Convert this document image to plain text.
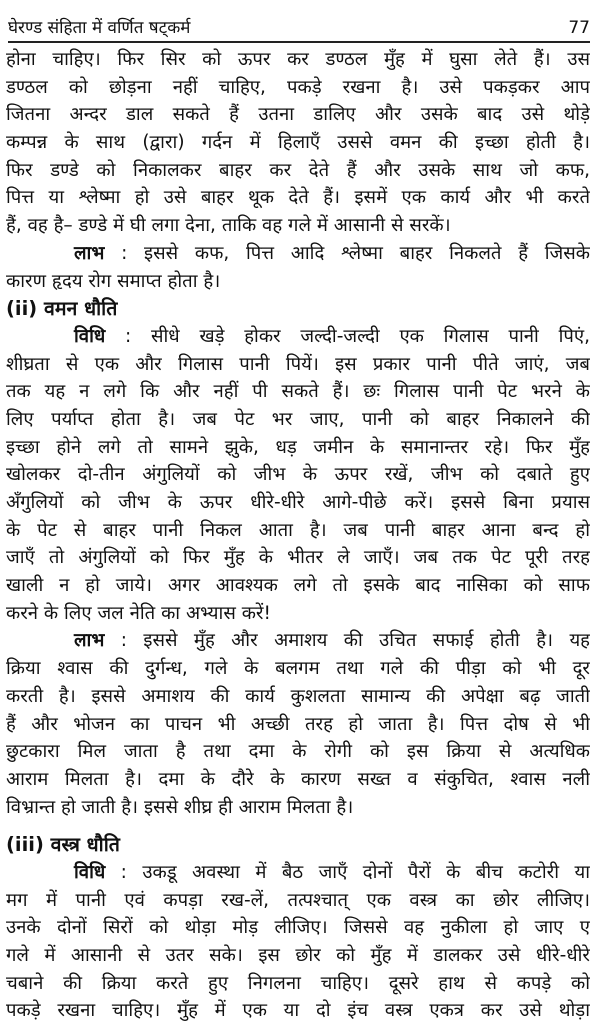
घेरण्ड संहिता में वर्णित षट्कर्म	77
होना चाहिए। फिर सिर को ऊपर कर डण्ठल मुँह में घुसा लेते हैं। उस
डण्ठल को छोड़ना नहीं चाहिए, पकड़े रखना है। उसे पकड़कर आप
जितना अन्दर डाल सकते हैं उतना डालिए और उसके बाद उसे थोड़े
कम्पन्न के साथ (द्वारा) गर्दन में हिलाएँ उससे वमन की इच्छा होती है।
फिर डण्डे को निकालकर बाहर कर देते हैं और उसके साथ जो कफ,
पित्त या श्लेष्मा हो उसे बाहर थूक देते हैं। इसमें एक कार्य और भी करते
हैं, वह है– डण्डे में घी लगा देना, ताकि वह गले में आसानी से सरकें।
लाभ : इससे कफ, पित्त आदि श्लेष्मा बाहर निकलते हैं जिसके
कारण हृदय रोग समाप्त होता है।
(ii) वमन धौति
विधि : सीधे खड़े होकर जल्दी-जल्दी एक गिलास पानी पिएं,
शीघ्रता से एक और गिलास पानी पियें। इस प्रकार पानी पीते जाएं, जब
तक यह न लगे कि और नहीं पी सकते हैं। छः गिलास पानी पेट भरने के
लिए पर्याप्त होता है। जब पेट भर जाए, पानी को बाहर निकालने की
इच्छा होने लगे तो सामने झुके, धड़ जमीन के समानान्तर रहे। फिर मुँह
खोलकर दो-तीन अंगुलियों को जीभ के ऊपर रखें, जीभ को दबाते हुए
अँगुलियों को जीभ के ऊपर धीरे-धीरे आगे-पीछे करें। इससे बिना प्रयास
के पेट से बाहर पानी निकल आता है। जब पानी बाहर आना बन्द हो
जाएँ तो अंगुलियों को फिर मुँह के भीतर ले जाएँ। जब तक पेट पूरी तरह
खाली न हो जाये। अगर आवश्यक लगे तो इसके बाद नासिका को साफ
करने के लिए जल नेति का अभ्यास करें!
लाभ : इससे मुँह और अमाशय की उचित सफाई होती है। यह
क्रिया श्वास की दुर्गन्ध, गले के बलगम तथा गले की पीड़ा को भी दूर
करती है। इससे अमाशय की कार्य कुशलता सामान्य की अपेक्षा बढ़ जाती
हैं और भोजन का पाचन भी अच्छी तरह हो जाता है। पित्त दोष से भी
छुटकारा मिल जाता है तथा दमा के रोगी को इस क्रिया से अत्यधिक
आराम मिलता है। दमा के दौरे के कारण सख्त व संकुचित, श्वास नली
विभ्रान्त हो जाती है। इससे शीघ्र ही आराम मिलता है।
(iii) वस्त्र धौति
विधि : उकडू अवस्था में बैठ जाएँ दोनों पैरों के बीच कटोरी या
मग में पानी एवं कपड़ा रख-लें, तत्पश्चात् एक वस्त्र का छोर लीजिए।
उनके दोनों सिरों को थोड़ा मोड़ लीजिए। जिससे वह नुकीला हो जाए ए
गले में आसानी से उतर सके। इस छोर को मुँह में डालकर उसे धीरे-धीरे
चबाने की क्रिया करते हुए निगलना चाहिए। दूसरे हाथ से कपड़े को
पकड़े रखना चाहिए। मुँह में एक या दो इंच वस्त्र एकत्र कर उसे थोड़ा
